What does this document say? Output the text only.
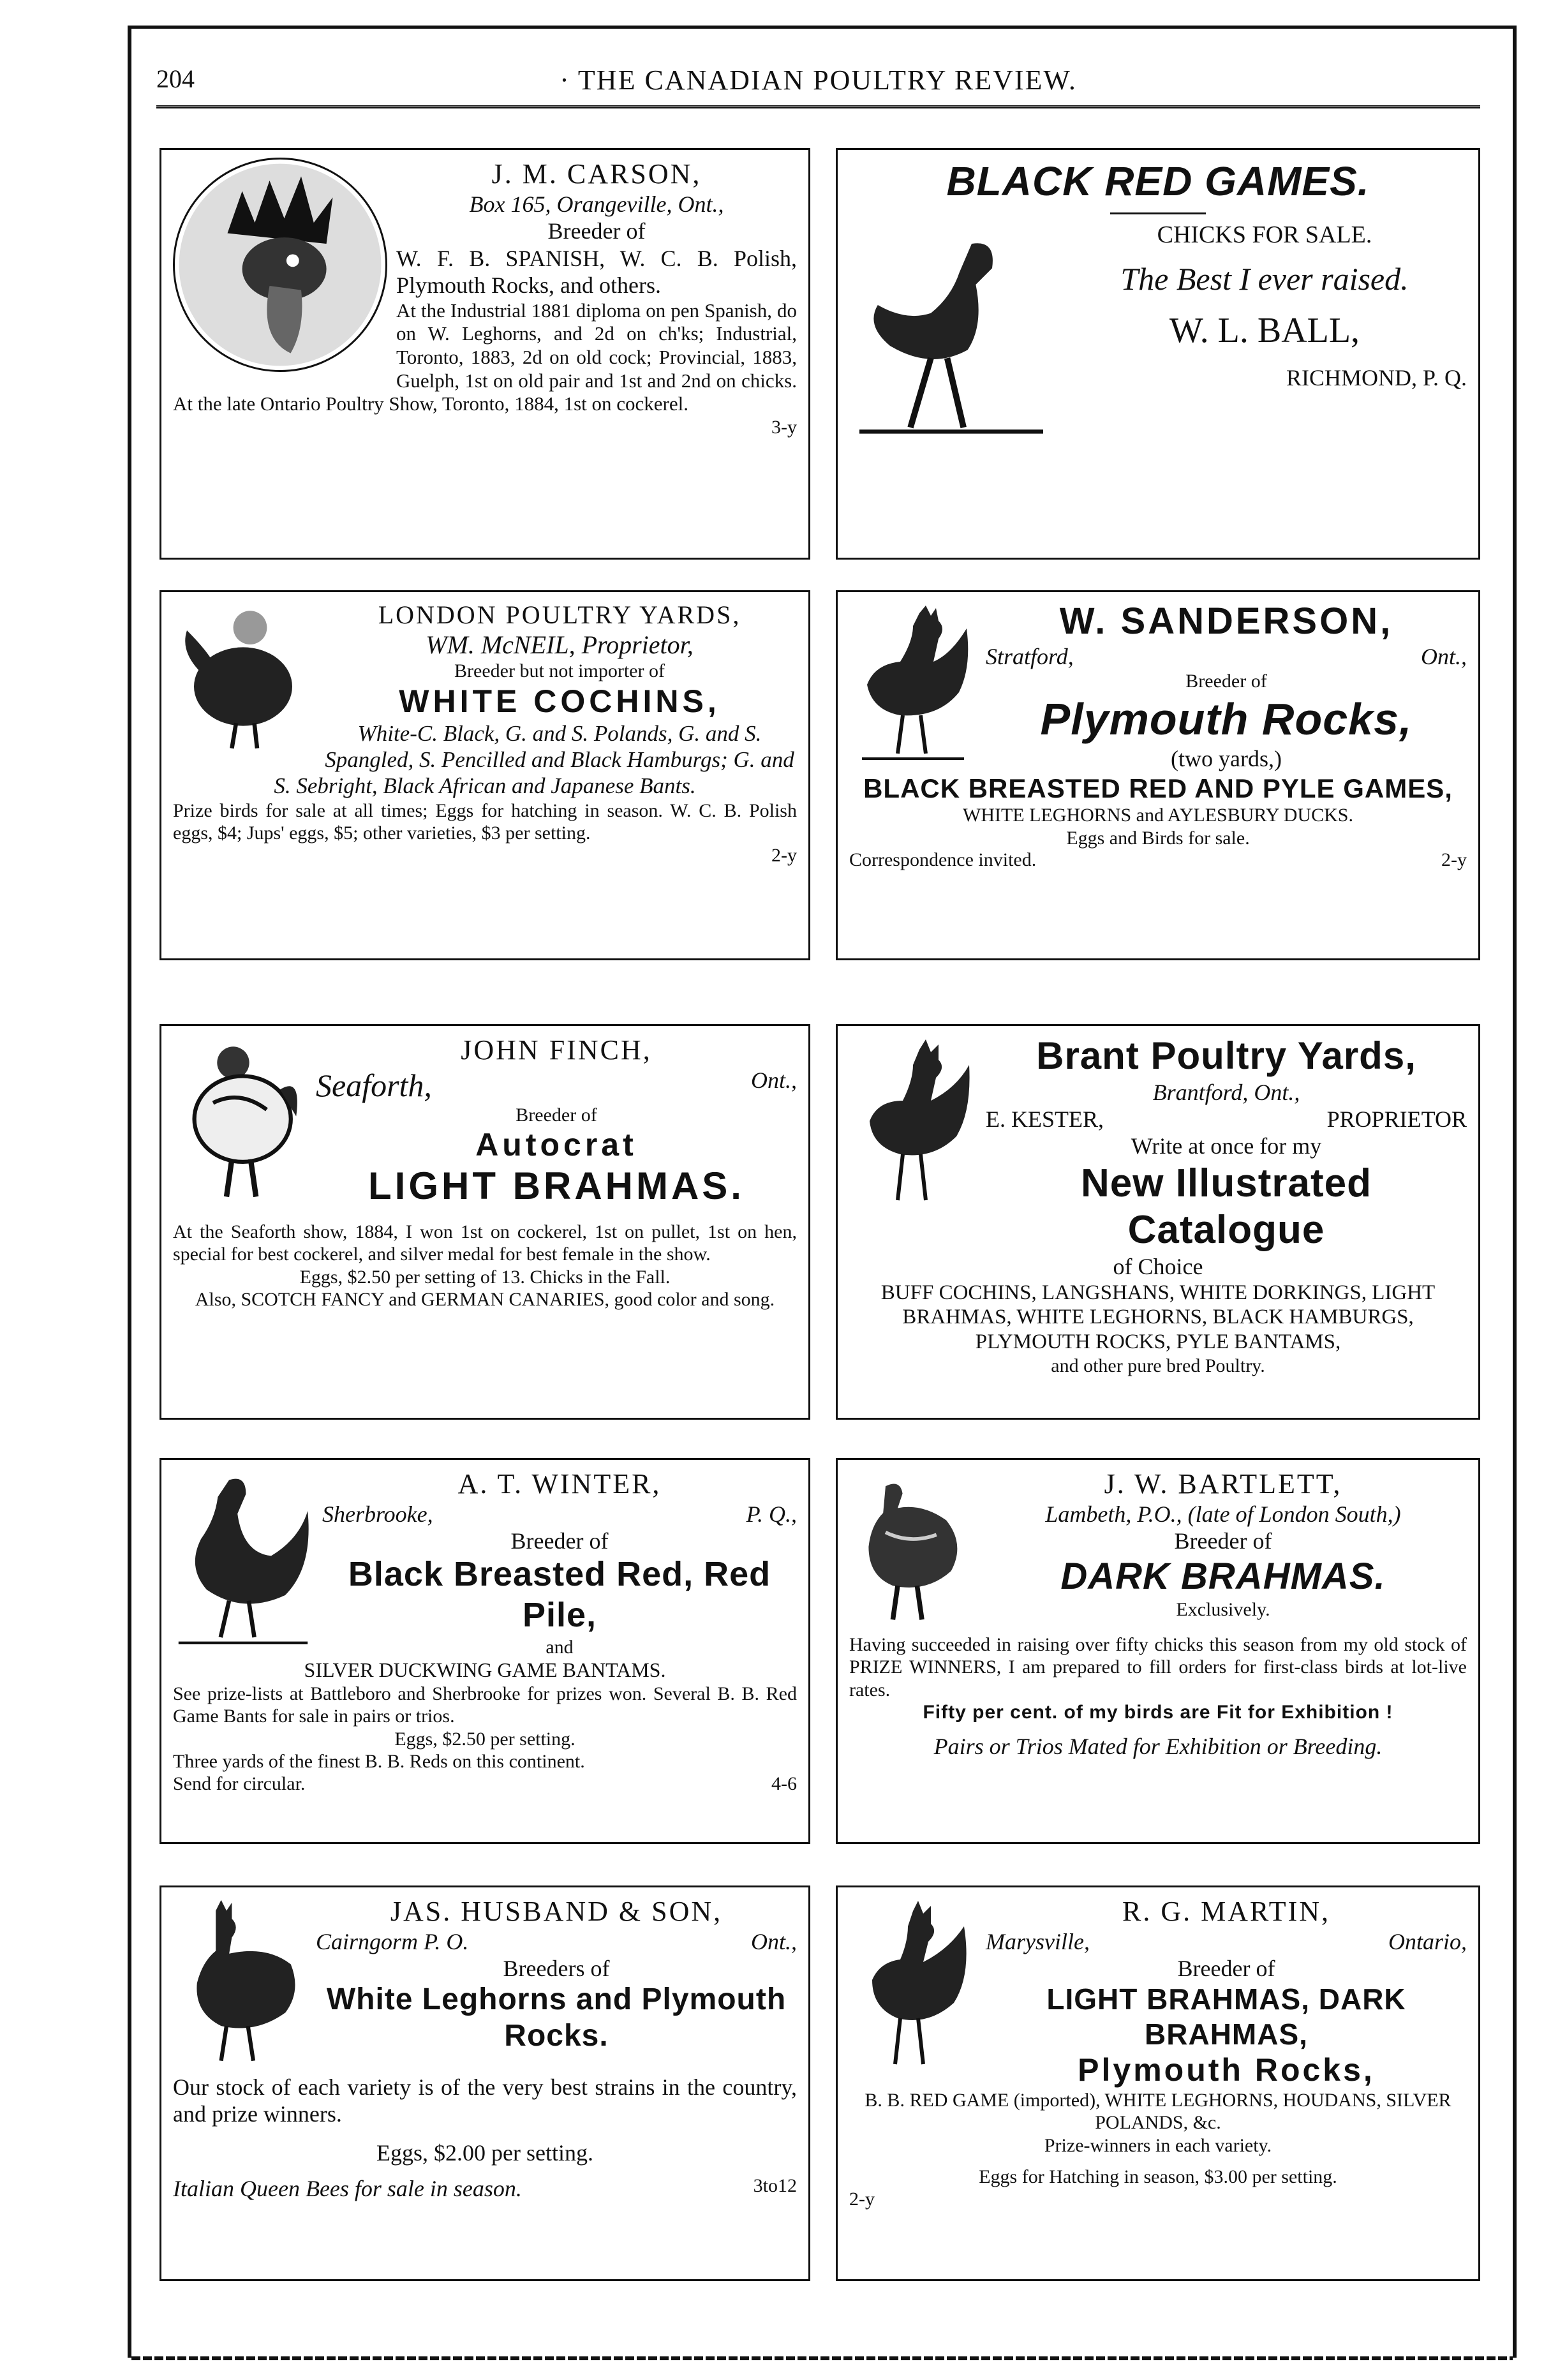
204	· THE CANADIAN POULTRY REVIEW.

J. M. CARSON,

Box 165, Orangeville, Ont.,

Breeder of

W. F. B. SPANISH, W. C. B. Polish, Plymouth Rocks, and others.

At the Industrial 1881 diploma on pen Spanish, do on W. Leghorns, and 2d on ch'ks; Industrial, Toronto, 1883, 2d on old cock; Provincial, 1883, Guelph, 1st on old pair and 1st and 2nd on chicks. At the late Ontario Poultry Show, Toronto, 1884, 1st on cockerel.

3-y

BLACK RED GAMES.

CHICKS FOR SALE.

The Best I ever raised.

W. L. BALL,

RICHMOND, P. Q.

LONDON POULTRY YARDS,

WM. McNEIL, Proprietor,

Breeder but not importer of

WHITE COCHINS,

White-C. Black, G. and S. Polands, G. and S. Spangled, S. Pencilled and Black Hamburgs; G. and S. Sebright, Black African and Japanese Bants.

Prize birds for sale at all times; Eggs for hatching in season. W. C. B. Polish eggs, $4; Jups' eggs, $5; other varieties, $3 per setting.

2-y

W. SANDERSON,

Stratford,	Ont.,

Breeder of

Plymouth Rocks,

(two yards,)

BLACK BREASTED RED AND PYLE GAMES,

WHITE LEGHORNS and AYLESBURY DUCKS.

Eggs and Birds for sale.

Correspondence invited.	2-y

JOHN FINCH,

Seaforth,	Ont.,

Breeder of

Autocrat

LIGHT BRAHMAS.

At the Seaforth show, 1884, I won 1st on cockerel, 1st on pullet, 1st on hen, special for best cockerel, and silver medal for best female in the show.

Eggs, $2.50 per setting of 13. Chicks in the Fall.

Also, SCOTCH FANCY and GERMAN CANARIES, good color and song.

Brant Poultry Yards,

Brantford, Ont.,

E. KESTER,	PROPRIETOR

Write at once for my

New Illustrated Catalogue

of Choice

BUFF COCHINS, LANGSHANS, WHITE DORKINGS, LIGHT BRAHMAS, WHITE LEGHORNS, BLACK HAMBURGS, PLYMOUTH ROCKS, PYLE BANTAMS,

and other pure bred Poultry.

A. T. WINTER,

Sherbrooke,	P. Q.,

Breeder of

Black Breasted Red, Red Pile,

and

SILVER DUCKWING GAME BANTAMS.

See prize-lists at Battleboro and Sherbrooke for prizes won. Several B. B. Red Game Bants for sale in pairs or trios.

Eggs, $2.50 per setting.

Three yards of the finest B. B. Reds on this continent.

Send for circular.	4-6

J. W. BARTLETT,

Lambeth, P.O., (late of London South,)

Breeder of

DARK BRAHMAS.

Exclusively.

Having succeeded in raising over fifty chicks this season from my old stock of PRIZE WINNERS, I am prepared to fill orders for first-class birds at lot-live rates.

Fifty per cent. of my birds are Fit for Exhibition !

Pairs or Trios Mated for Exhibition or Breeding.

JAS. HUSBAND & SON,

Cairngorm P. O.	Ont.,

Breeders of

White Leghorns and Plymouth Rocks.

Our stock of each variety is of the very best strains in the country, and prize winners.

Eggs, $2.00 per setting.

Italian Queen Bees for sale in season.	3to12

R. G. MARTIN,

Marysville,	Ontario,

Breeder of

LIGHT BRAHMAS, DARK BRAHMAS,

Plymouth Rocks,

B. B. RED GAME (imported), WHITE LEGHORNS, HOUDANS, SILVER POLANDS, &c.

Prize-winners in each variety.

Eggs for Hatching in season, $3.00 per setting.

2-y
